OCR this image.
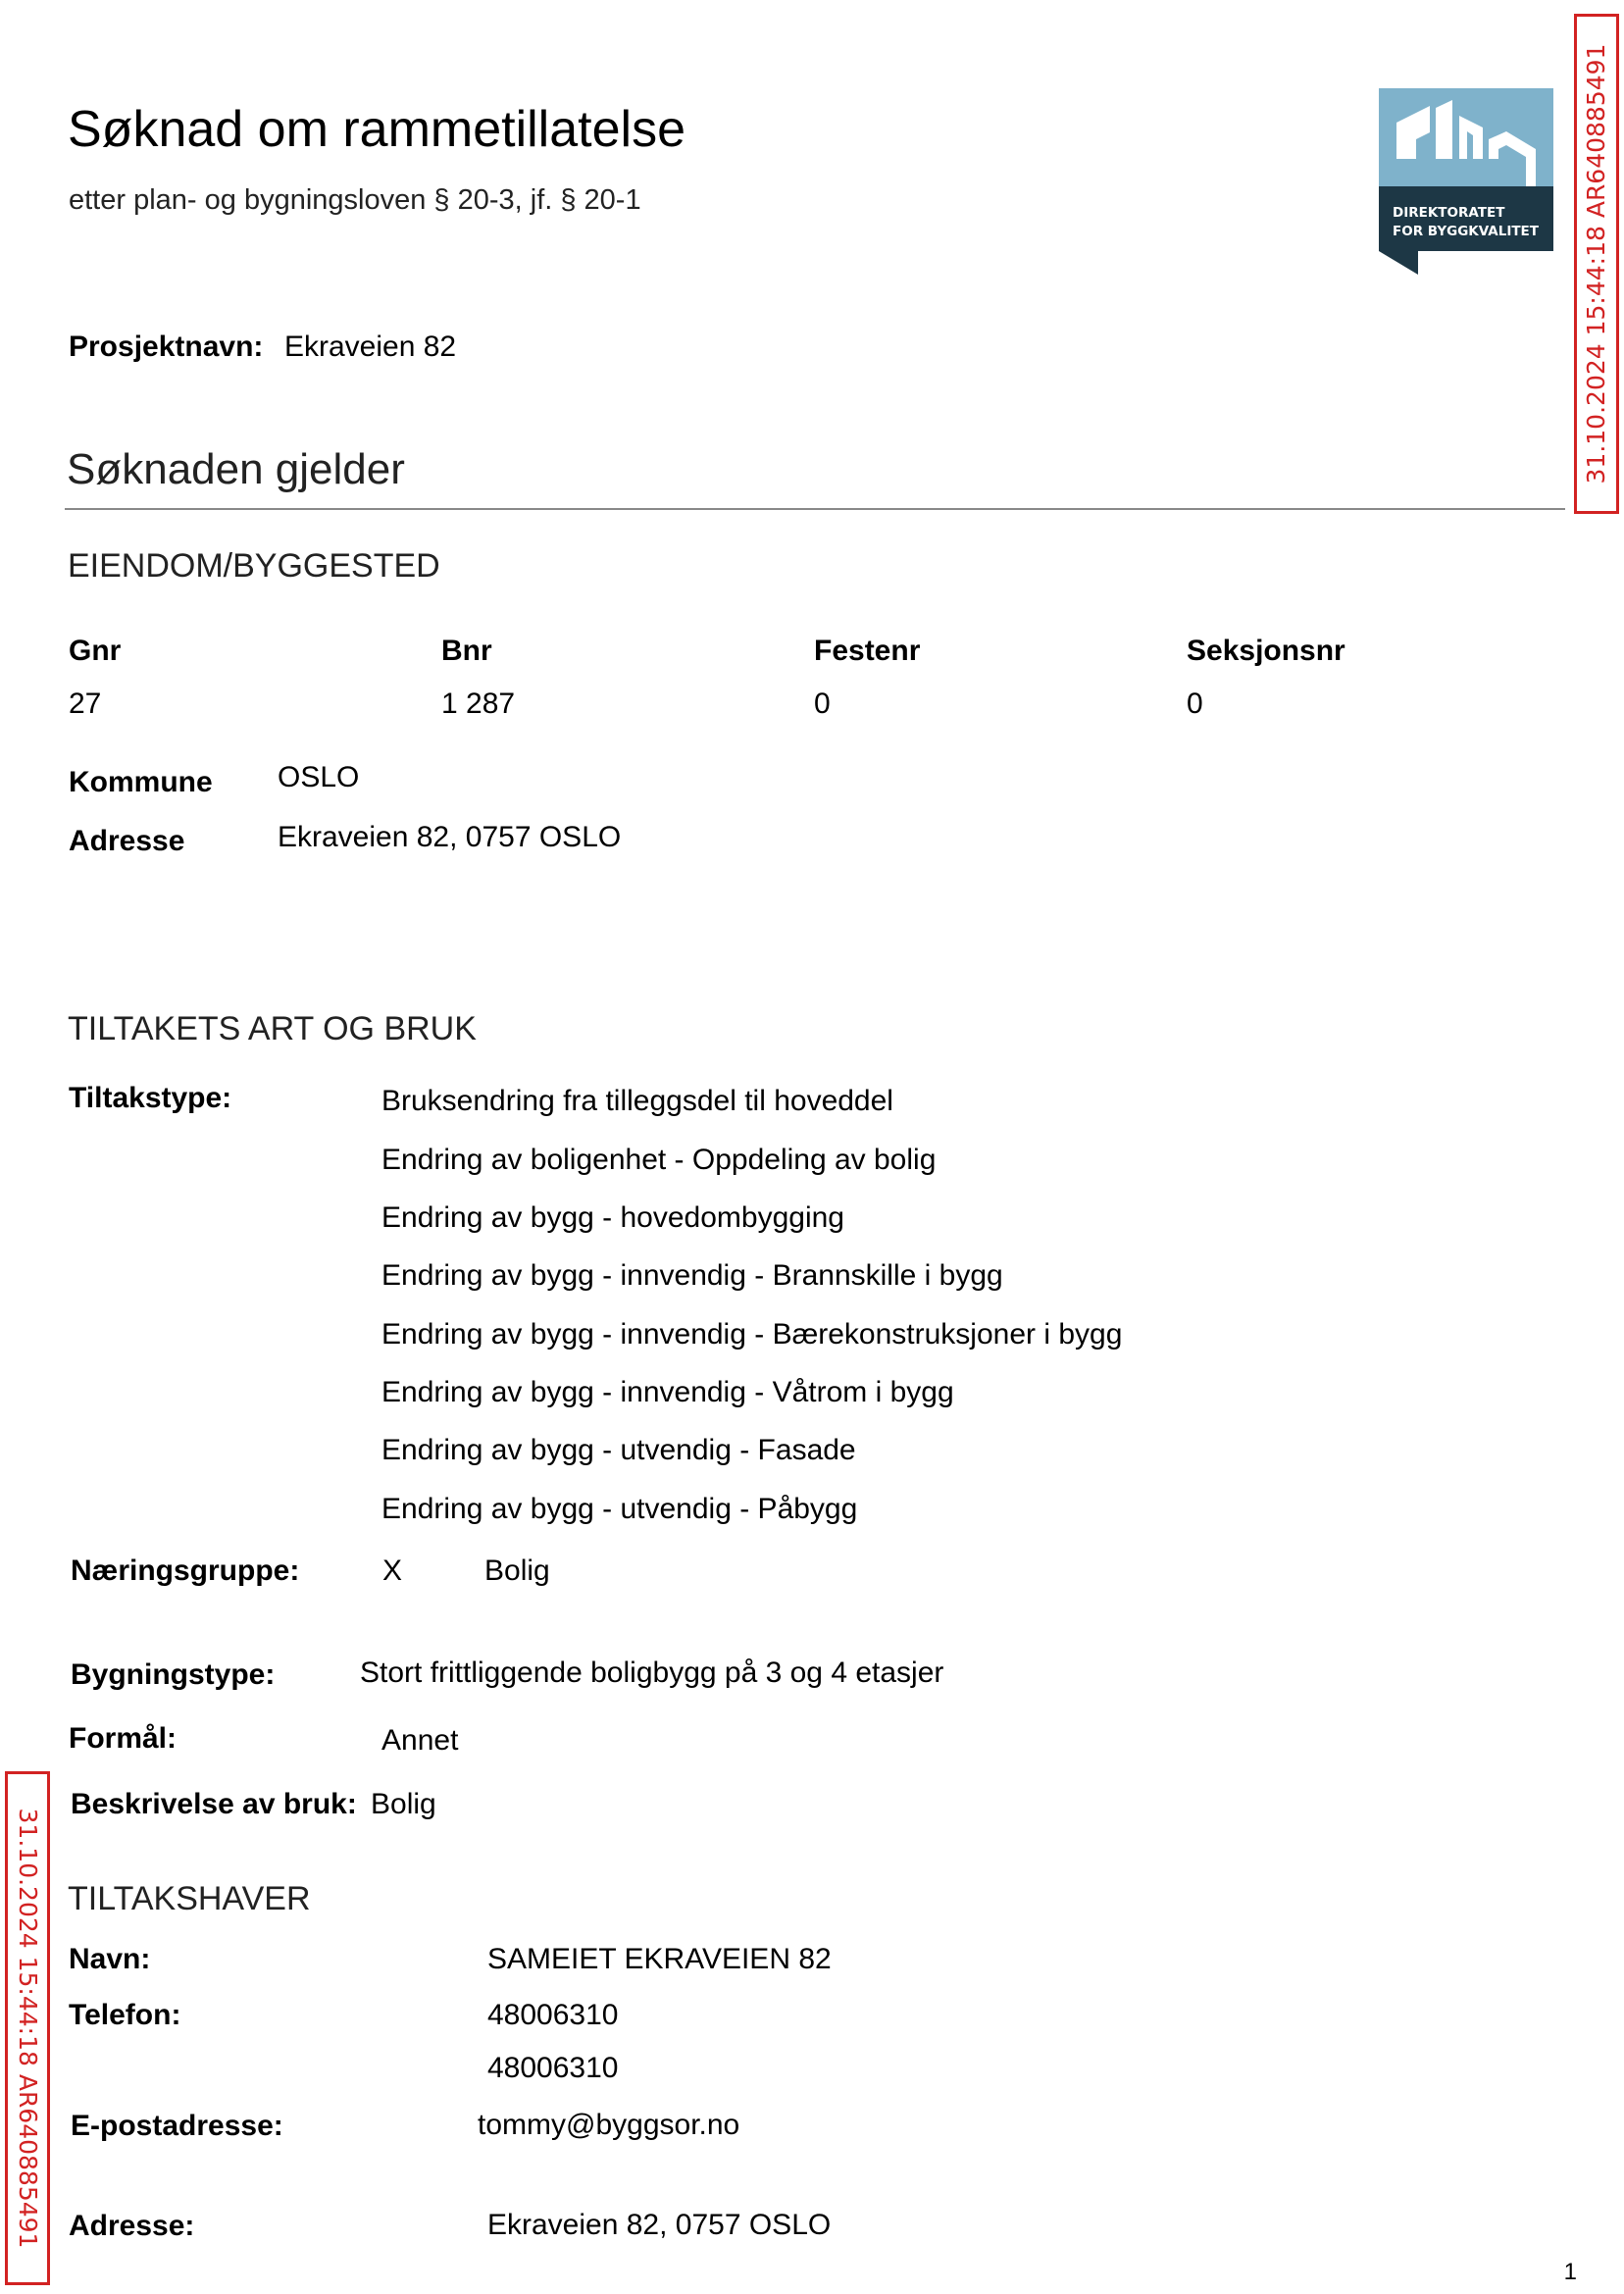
Søknad om rammetillatelse
etter plan- og bygningsloven § 20-3, jf. § 20-1	DIREKTORATET
FOR BYGGKVALITET 31.10.2024 15:44:18 AR640885491
31.10.2024 15:44:18 AR640885491
Prosjektnavn: Ekraveien 82
Søknaden gjelder
EIENDOM/BYGGESTED
Gnr	Bnr	Festenr	Seksjonsnr
27	1 287	0	0
Kommune OSLO
Adresse	Ekraveien 82, 0757 OSLO
TILTAKETS ART OG BRUK
Tiltakstype:	Bruksendring fra tilleggsdel til hoveddel
Endring av boligenhet - Oppdeling av bolig
Endring av bygg - hovedombygging
Endring av bygg - innvendig - Brannskille i bygg
Endring av bygg - innvendig - Bærekonstruksjoner i bygg
Endring av bygg - innvendig - Våtrom i bygg
Endring av bygg - utvendig - Fasade
Endring av bygg - utvendig - Påbygg
Næringsgruppe:	X	Bolig
Bygningstype:	Stort frittliggende boligbygg på 3 og 4 etasjer
Formål:	Annet
Beskrivelse av bruk: Bolig
TILTAKSHAVER
Navn:	SAMEIET EKRAVEIEN 82
Telefon:	48006310
48006310
E-postadresse:	tommy@byggsor.no
Adresse:	Ekraveien 82, 0757 OSLO
1
